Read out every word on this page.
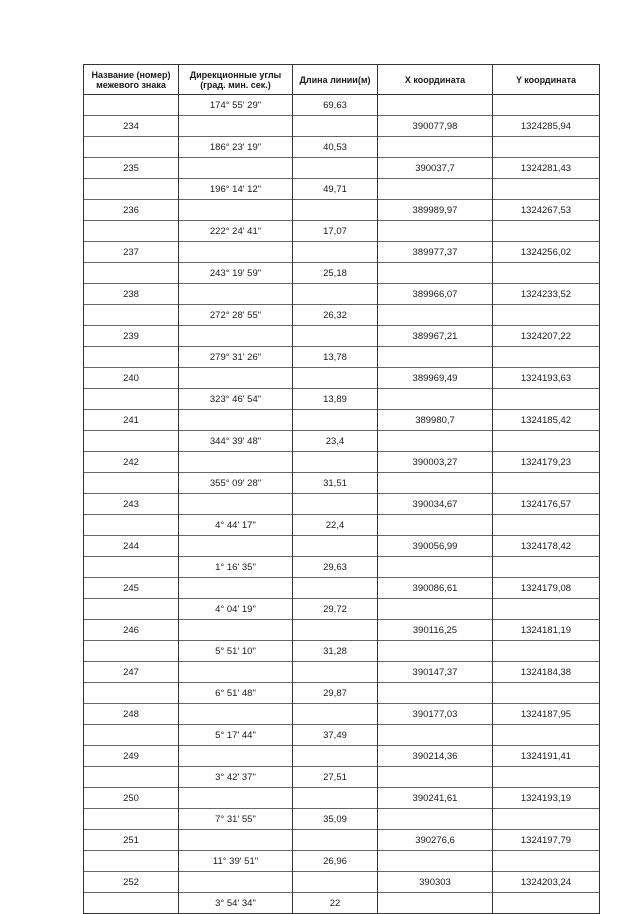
Название (номер) межевого знака	Дирекционные углы (град. мин. сек.)	Длина линии(м)	Х координата	Y координата
	174° 55' 29"	69,63		
234			390077,98	1324285,94
	186° 23' 19"	40,53		
235			390037,7	1324281,43
	196° 14' 12"	49,71		
236			389989,97	1324267,53
	222° 24' 41"	17,07		
237			389977,37	1324256,02
	243° 19' 59"	25,18		
238			389966,07	1324233,52
	272° 28' 55"	26,32		
239			389967,21	1324207,22
	279° 31' 26"	13,78		
240			389969,49	1324193,63
	323° 46' 54"	13,89		
241			389980,7	1324185,42
	344° 39' 48"	23,4		
242			390003,27	1324179,23
	355° 09' 28"	31,51		
243			390034,67	1324176,57
	4° 44' 17"	22,4		
244			390056,99	1324178,42
	1° 16' 35"	29,63		
245			390086,61	1324179,08
	4° 04' 19"	29,72		
246			390116,25	1324181,19
	5° 51' 10"	31,28		
247			390147,37	1324184,38
	6° 51' 48"	29,87		
248			390177,03	1324187,95
	5° 17' 44"	37,49		
249			390214,36	1324191,41
	3° 42' 37"	27,51		
250			390241,61	1324193,19
	7° 31' 55"	35,09		
251			390276,6	1324197,79
	11° 39' 51"	26,96		
252			390303	1324203,24
	3° 54' 34"	22		
